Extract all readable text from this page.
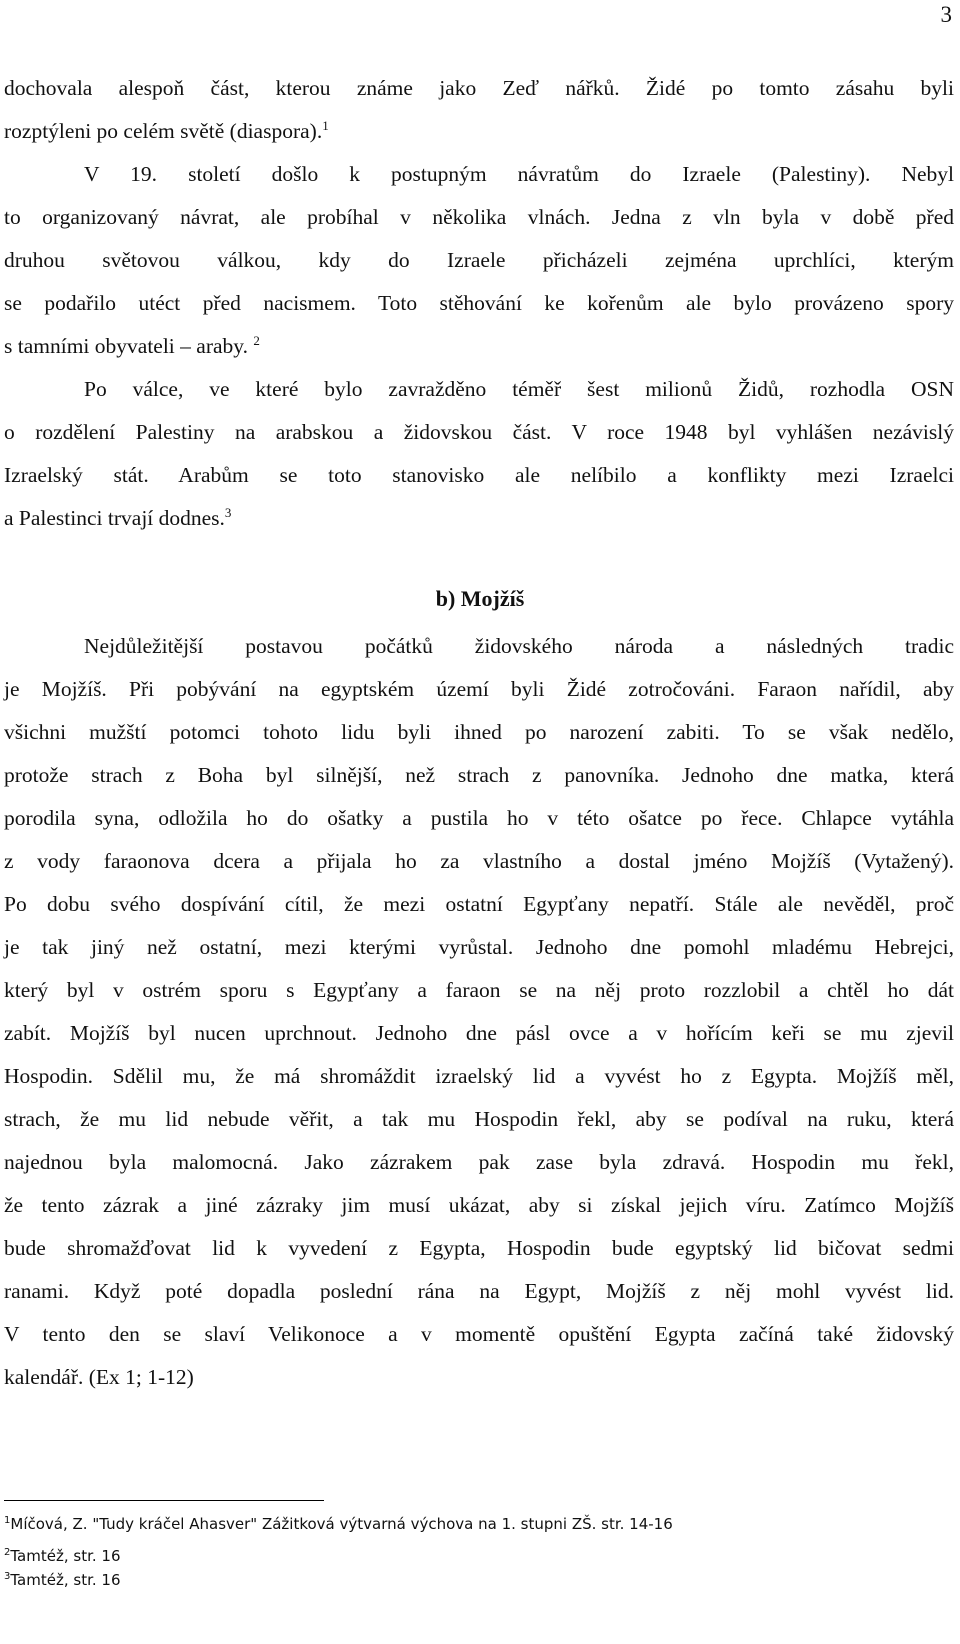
3
dochovala alespoň část, kterou známe jako Zeď nářků. Židé po tomto zásahu byli
rozptýleni po celém světě (diaspora).$^1$
V 19. století došlo k postupným návratům do Izraele (Palestiny). Nebyl
to organizovaný návrat, ale probíhal v několika vlnách. Jedna z vln byla v době před
druhou světovou válkou, kdy do Izraele přicházeli zejména uprchlíci, kterým
se podařilo utéct před nacismem. Toto stěhování ke kořenům ale bylo provázeno spory
s tamními obyvateli – araby. $^2$
Po válce, ve které bylo zavražděno téměř šest milionů Židů, rozhodla OSN
o rozdělení Palestiny na arabskou a židovskou část. V roce 1948 byl vyhlášen nezávislý
Izraelský stát. Arabům se toto stanovisko ale nelíbilo a konflikty mezi Izraelci
a Palestinci trvají dodnes.$^3$
b) Mojžíš
Nejdůležitější postavou počátků židovského národa a následných tradic
je Mojžíš. Při pobývání na egyptském území byli Židé zotročováni. Faraon nařídil, aby
všichni mužští potomci tohoto lidu byli ihned po narození zabiti. To se však nedělo,
protože strach z Boha byl silnější, než strach z panovníka. Jednoho dne matka, která
porodila syna, odložila ho do ošatky a pustila ho v této ošatce po řece. Chlapce vytáhla
z vody faraonova dcera a přijala ho za vlastního a dostal jméno Mojžíš (Vytažený).
Po dobu svého dospívání cítil, že mezi ostatní Egypťany nepatří. Stále ale nevěděl, proč
je tak jiný než ostatní, mezi kterými vyrůstal. Jednoho dne pomohl mladému Hebrejci,
který byl v ostrém sporu s Egypťany a faraon se na něj proto rozzlobil a chtěl ho dát
zabít. Mojžíš byl nucen uprchnout. Jednoho dne pásl ovce a v hořícím keři se mu zjevil
Hospodin. Sdělil mu, že má shromáždit izraelský lid a vyvést ho z Egypta. Mojžíš měl,
strach, že mu lid nebude věřit, a tak mu Hospodin řekl, aby se podíval na ruku, která
najednou byla malomocná. Jako zázrakem pak zase byla zdravá. Hospodin mu řekl,
že tento zázrak a jiné zázraky jim musí ukázat, aby si získal jejich víru. Zatímco Mojžíš
bude shromažďovat lid k vyvedení z Egypta, Hospodin bude egyptský lid bičovat sedmi
ranami. Když poté dopadla poslední rána na Egypt, Mojžíš z něj mohl vyvést lid.
V tento den se slaví Velikonoce a v momentě opuštění Egypta začíná také židovský
kalendář. (Ex 1; 1-12)
$^1$Míčová, Z. "Tudy kráčel Ahasver" Zážitková výtvarná výchova na 1. stupni ZŠ. str. 14-16
$^2$Tamtéž, str. 16
$^3$Tamtéž, str. 16
